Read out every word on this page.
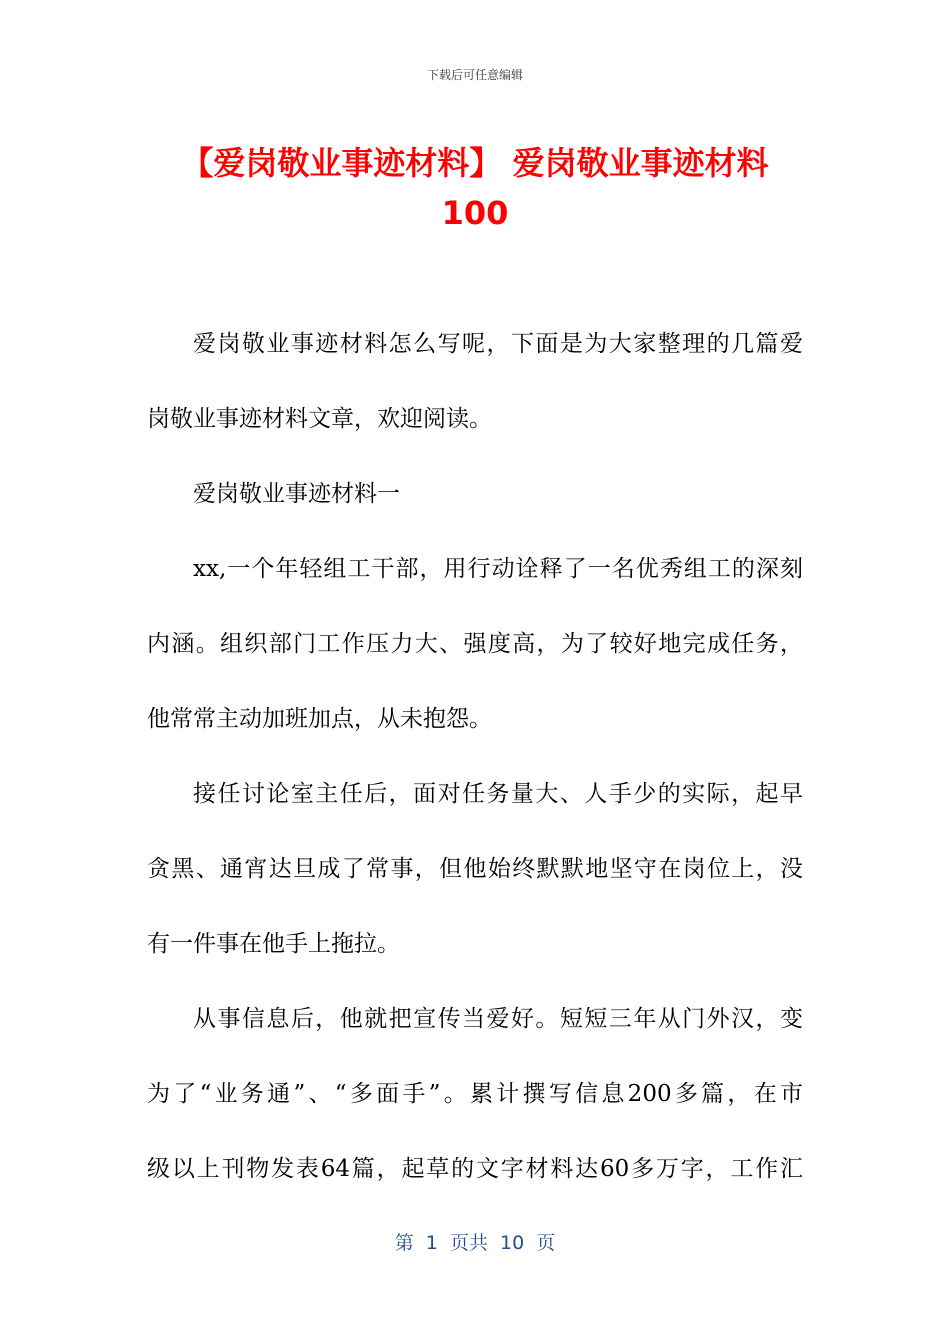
下载后可任意编辑
【爱岗敬业事迹材料】 爱岗敬业事迹材料
100
爱岗敬业事迹材料怎么写呢，下面是为大家整理的几篇爱
岗敬业事迹材料文章，欢迎阅读。
爱岗敬业事迹材料一
xx,一个年轻组工干部，用行动诠释了一名优秀组工的深刻
内涵。组织部门工作压力大、强度高，为了较好地完成任务，
他常常主动加班加点，从未抱怨。
接任讨论室主任后，面对任务量大、人手少的实际，起早
贪黑、通宵达旦成了常事，但他始终默默地坚守在岗位上，没
有一件事在他手上拖拉。
从事信息后，他就把宣传当爱好。短短三年从门外汉，变
为了“业务通”、“多面手”。累计撰写信息200多篇，在市
级以上刊物发表64篇，起草的文字材料达60多万字，工作汇
第  1  页共  10  页
